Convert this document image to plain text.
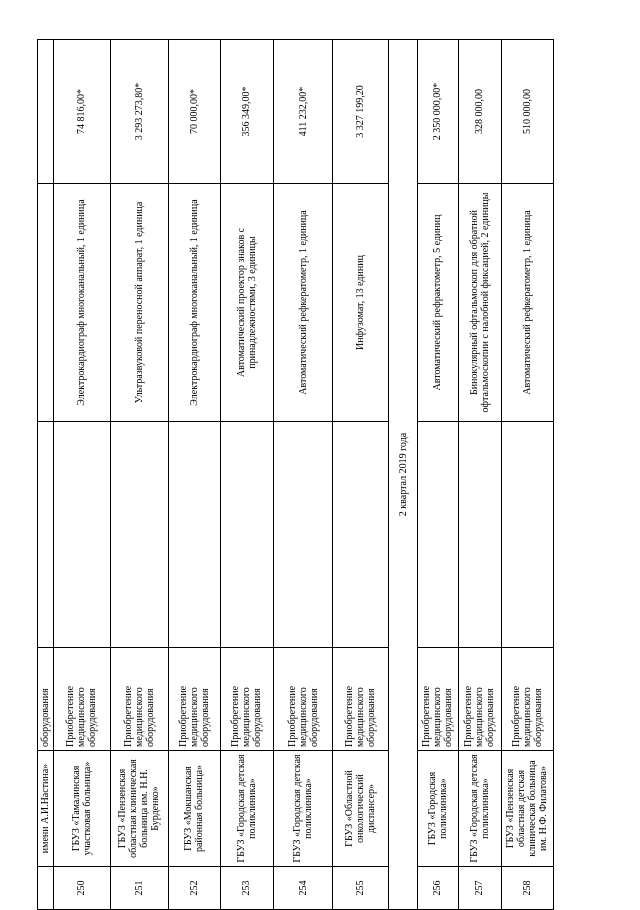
	имени А.И.Настина»	оборудования			
250	ГБУЗ «Тамалинская участковая больница»	Приобретение медицинского оборудования		Электрокардиограф многоканальный, 1 единица	74 816,00*
251	ГБУЗ «Пензенская областная клиническая больница им. Н.Н. Бурденко»	Приобретение медицинского оборудования		Ультразвуковой переносной аппарат, 1 единица	3 293 273,80*
252	ГБУЗ «Мокшанская районная больница»	Приобретение медицинского оборудования		Электрокардиограф многоканальный, 1 единица	70 000,00*
253	ГБУЗ «Городская детская поликлиника»	Приобретение медицинского оборудования		Автоматический проектор знаков с принадлежностями, 3 единицы	356 349,00*
254	ГБУЗ «Городская детская поликлиника»	Приобретение медицинского оборудования		Автоматический рефкератометр, 1 единица	411 232,00*
255	ГБУЗ «Областной онкологический диспансер»	Приобретение медицинского оборудования		Инфузомат, 13 единиц	3 327 199,20
2 квартал 2019 года					
256	ГБУЗ «Городская поликлиника»	Приобретение медицинского оборудования		Автоматический рефрактометр, 5 единиц	2 350 000,00*
257	ГБУЗ «Городская детская поликлиника»	Приобретение медицинского оборудования		Бинокулярный офтальмоскоп для обратной офтальмоскопии с налобной фиксацией, 2 единицы	328 000,00
258	ГБУЗ «Пензенская областная детская клиническая больница им. Н.Ф. Филатова»	Приобретение медицинского оборудования		Автоматический рефкератометр, 1 единица	510 000,00
